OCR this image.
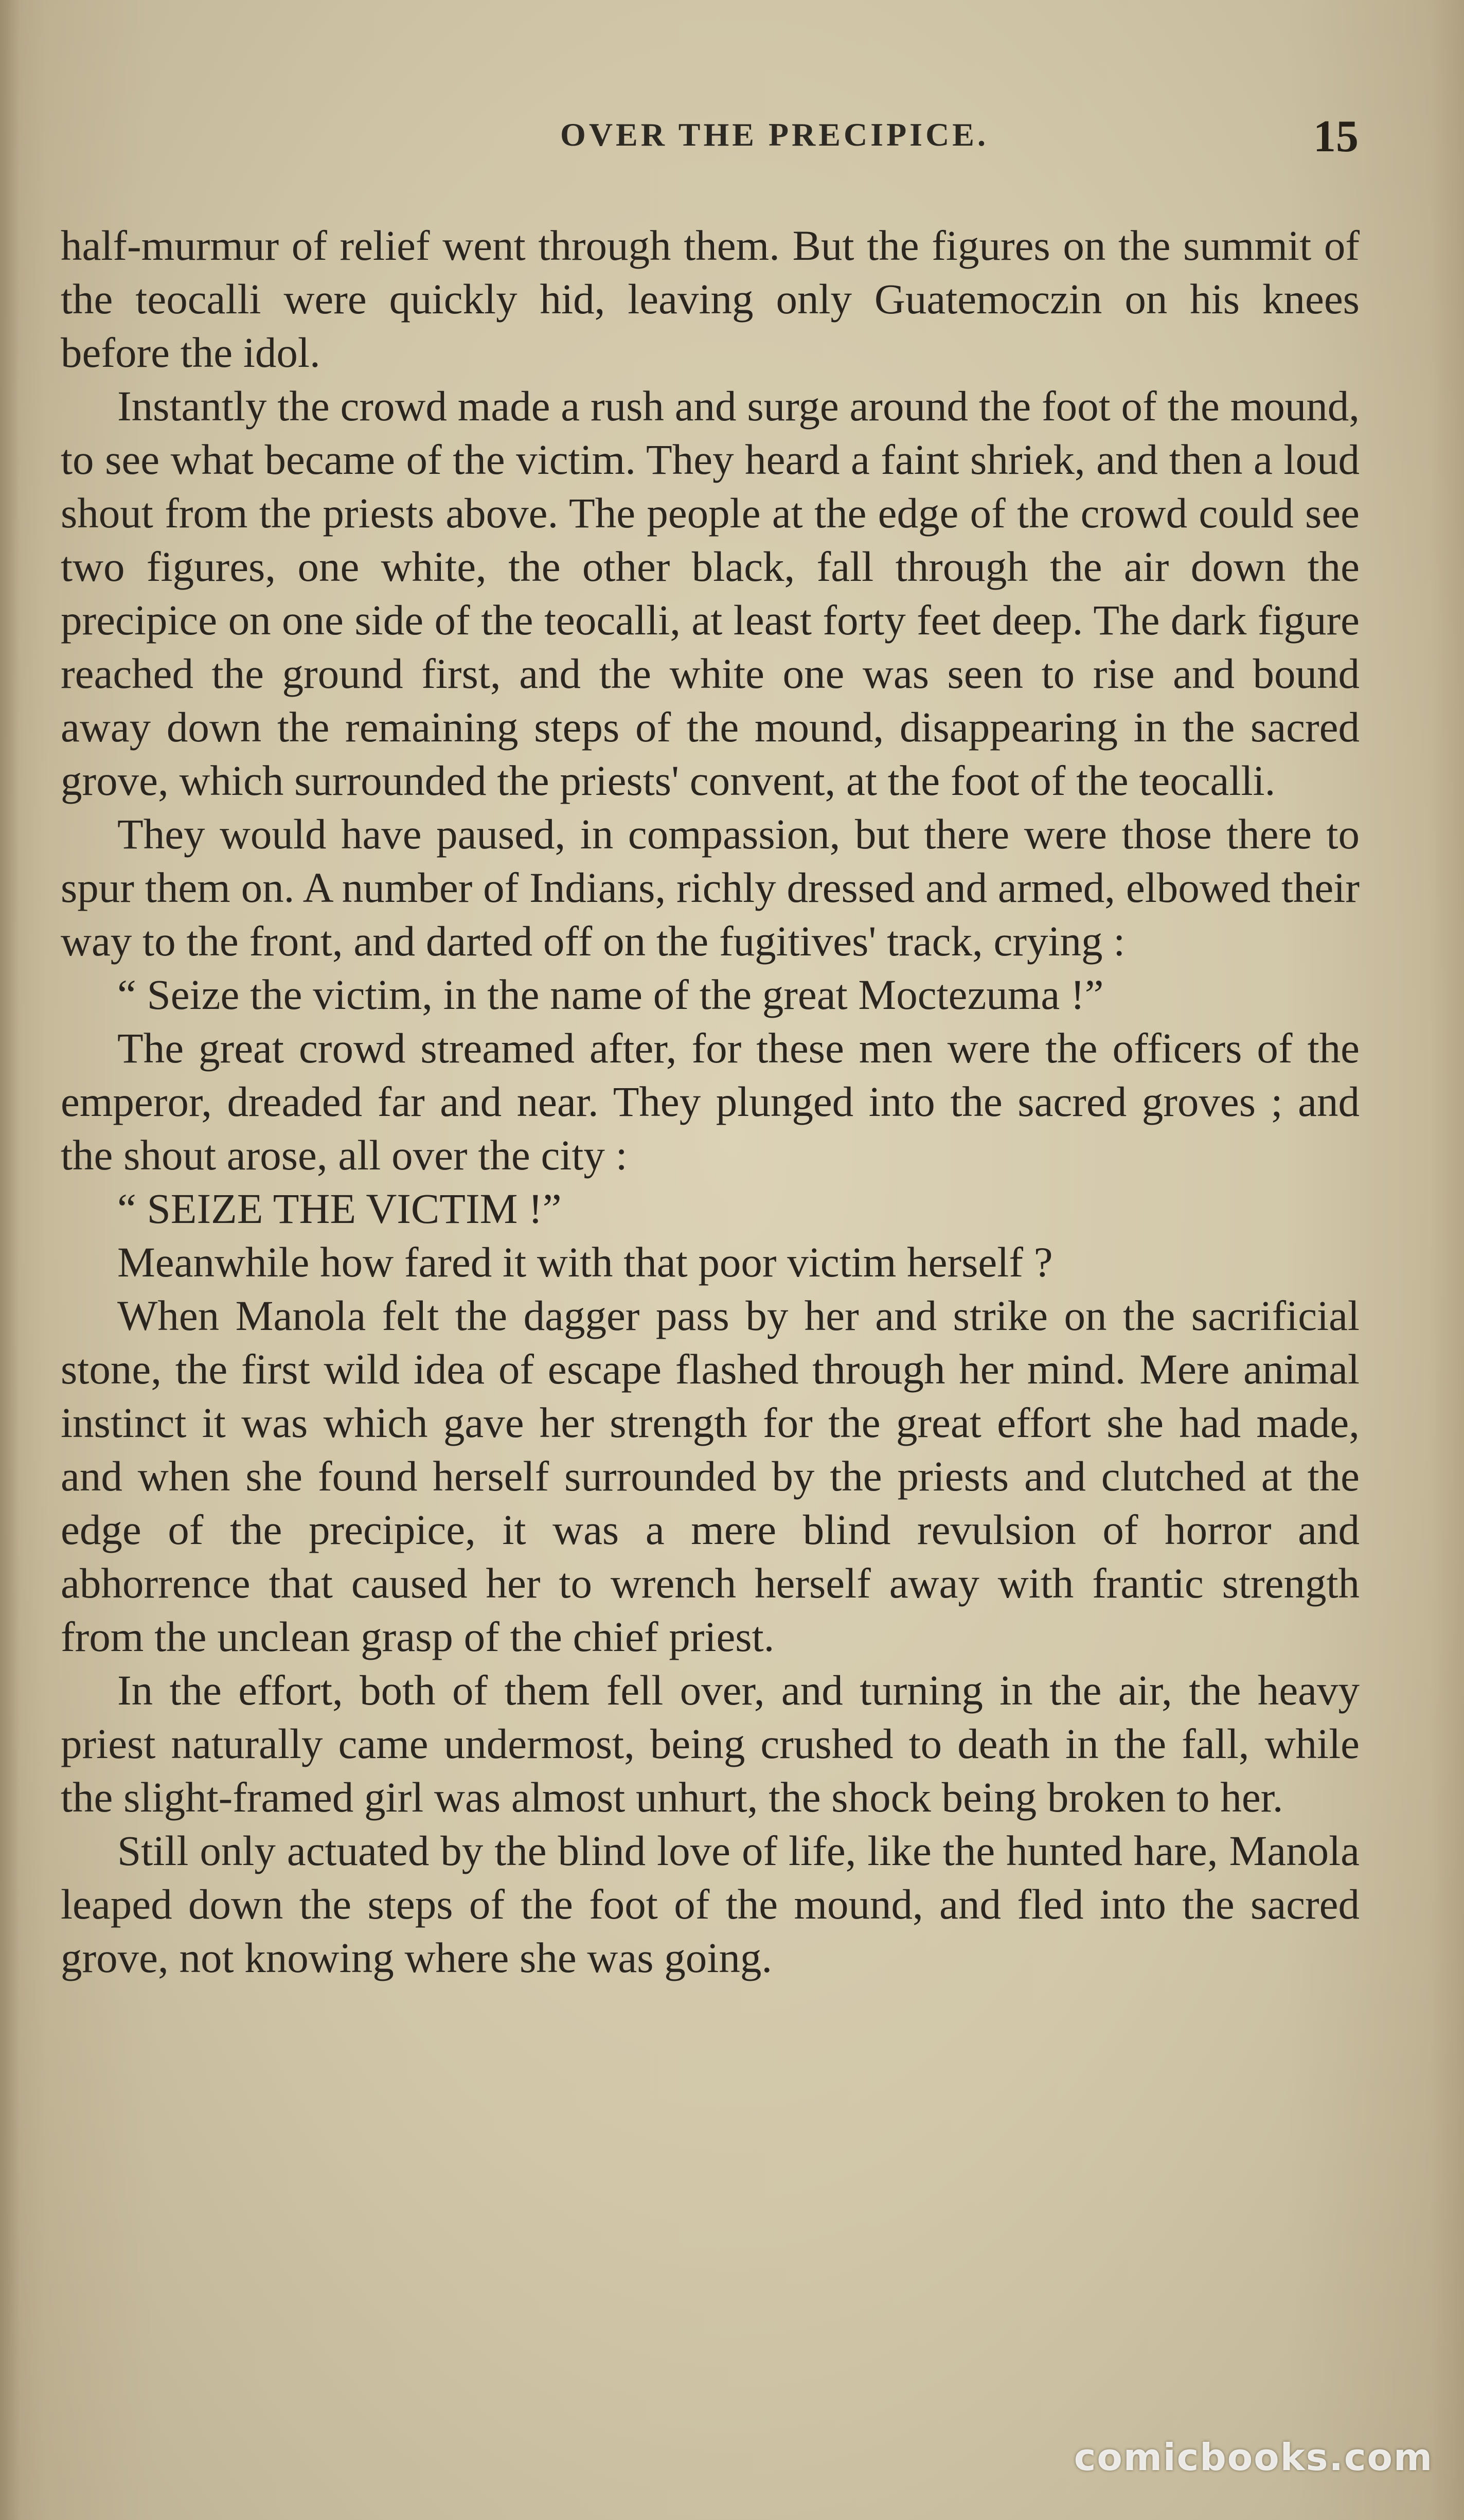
OVER THE PRECIPICE.	15

half-murmur of relief went through them. But the figures on the summit of the teocalli were quickly hid, leaving only Guatemoczin on his knees before the idol.

Instantly the crowd made a rush and surge around the foot of the mound, to see what became of the victim. They heard a faint shriek, and then a loud shout from the priests above. The people at the edge of the crowd could see two figures, one white, the other black, fall through the air down the precipice on one side of the teocalli, at least forty feet deep. The dark figure reached the ground first, and the white one was seen to rise and bound away down the remaining steps of the mound, disappearing in the sacred grove, which surrounded the priests' convent, at the foot of the teocalli.

They would have paused, in compassion, but there were those there to spur them on. A number of Indians, richly dressed and armed, elbowed their way to the front, and darted off on the fugitives' track, crying :

“ Seize the victim, in the name of the great Moctezuma !”

The great crowd streamed after, for these men were the officers of the emperor, dreaded far and near. They plunged into the sacred groves ; and the shout arose, all over the city :

“ SEIZE THE VICTIM !”

Meanwhile how fared it with that poor victim herself ?

When Manola felt the dagger pass by her and strike on the sacrificial stone, the first wild idea of escape flashed through her mind. Mere animal instinct it was which gave her strength for the great effort she had made, and when she found herself surrounded by the priests and clutched at the edge of the precipice, it was a mere blind revulsion of horror and abhorrence that caused her to wrench herself away with frantic strength from the unclean grasp of the chief priest.

In the effort, both of them fell over, and turning in the air, the heavy priest naturally came undermost, being crushed to death in the fall, while the slight-framed girl was almost unhurt, the shock being broken to her.

Still only actuated by the blind love of life, like the hunted hare, Manola leaped down the steps of the foot of the mound, and fled into the sacred grove, not knowing where she was going.

comicbooks.com
